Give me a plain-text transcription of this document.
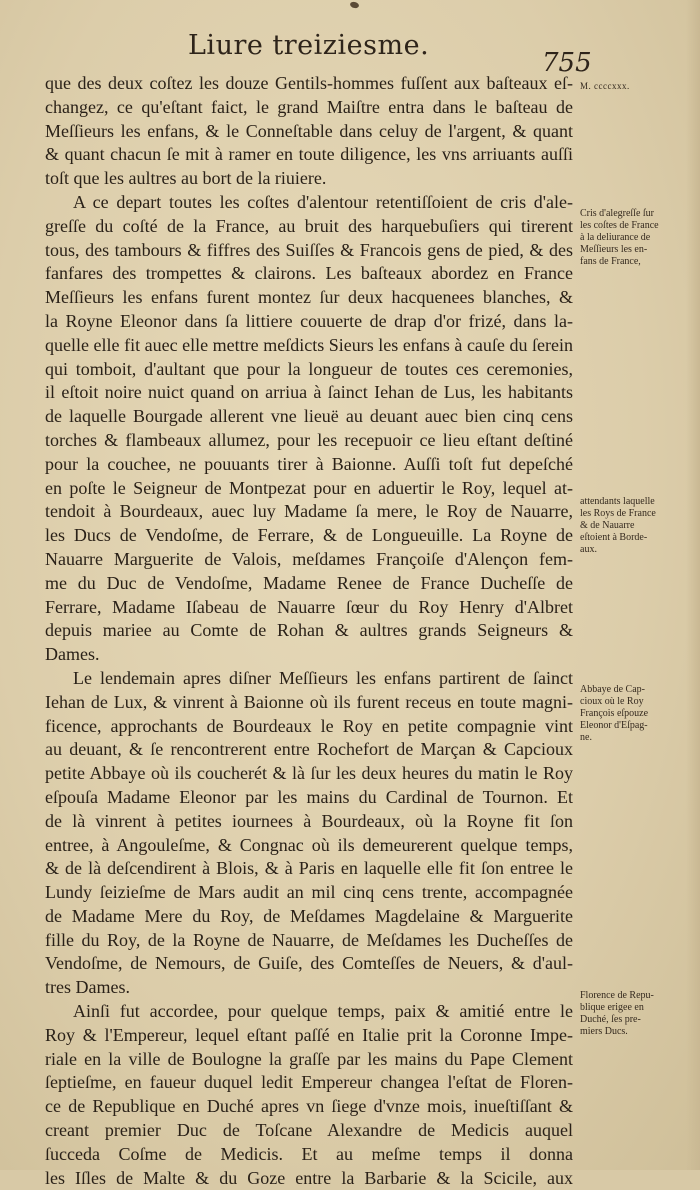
Liure treiziesme.
755
M. ccccxxx.
Cris d'alegreſſe ſur
les coſtes de France
à la deliurance de
Meſſieurs les en-
fans de France,
attendants laquelle
les Roys de France
& de Nauarre
eſtoient à Borde-
aux.
Abbaye de Cap-
cioux où le Roy
François eſpouze
Eleonor d'Eſpag-
ne.
Florence de Repu-
blique erigee en
Duché, ſes pre-
miers Ducs.
que des deux coſtez les douze Gentils-hommes fuſſent aux baſteaux eſ-
changez, ce qu'eſtant faict, le grand Maiſtre entra dans le baſteau de
Meſſieurs les enfans, & le Conneſtable dans celuy de l'argent, & quant
& quant chacun ſe mit à ramer en toute diligence, les vns arriuants auſſi
toſt que les aultres au bort de la riuiere.
A ce depart toutes les coſtes d'alentour retentiſſoient de cris d'ale-
greſſe du coſté de la France, au bruit des harquebuſiers qui tirerent
tous, des tambours & fiffres des Suiſſes & Francois gens de pied, & des
fanfares des trompettes & clairons. Les baſteaux abordez en France
Meſſieurs les enfans furent montez ſur deux hacquenees blanches, &
la Royne Eleonor dans ſa littiere couuerte de drap d'or frizé, dans la-
quelle elle fit auec elle mettre meſdicts Sieurs les enfans à cauſe du ſerein
qui tomboit, d'aultant que pour la longueur de toutes ces ceremonies,
il eſtoit noire nuict quand on arriua à ſainct Iehan de Lus, les habitants
de laquelle Bourgade allerent vne lieuë au deuant auec bien cinq cens
torches & flambeaux allumez, pour les recepuoir ce lieu eſtant deſtiné
pour la couchee, ne pouuants tirer à Baionne. Auſſi toſt fut depeſché
en poſte le Seigneur de Montpezat pour en aduertir le Roy, lequel at-
tendoit à Bourdeaux, auec luy Madame ſa mere, le Roy de Nauarre,
les Ducs de Vendoſme, de Ferrare, & de Longueuille. La Royne de
Nauarre Marguerite de Valois, meſdames Françoiſe d'Alençon fem-
me du Duc de Vendoſme, Madame Renee de France Ducheſſe de
Ferrare, Madame Iſabeau de Nauarre ſœur du Roy Henry d'Albret
depuis mariee au Comte de Rohan & aultres grands Seigneurs &
Dames.
Le lendemain apres diſner Meſſieurs les enfans partirent de ſainct
Iehan de Lux, & vinrent à Baionne où ils furent receus en toute magni-
ficence, approchants de Bourdeaux le Roy en petite compagnie vint
au deuant, & ſe rencontrerent entre Rochefort de Marçan & Capcioux
petite Abbaye où ils coucherét & là ſur les deux heures du matin le Roy
eſpouſa Madame Eleonor par les mains du Cardinal de Tournon. Et
de là vinrent à petites iournees à Bourdeaux, où la Royne fit ſon
entree, à Angouleſme, & Congnac où ils demeurerent quelque temps,
& de là deſcendirent à Blois, & à Paris en laquelle elle fit ſon entree le
Lundy ſeizieſme de Mars audit an mil cinq cens trente, accompagnée
de Madame Mere du Roy, de Meſdames Magdelaine & Marguerite
fille du Roy, de la Royne de Nauarre, de Meſdames les Ducheſſes de
Vendoſme, de Nemours, de Guiſe, des Comteſſes de Neuers, & d'aul-
tres Dames.
Ainſi fut accordee, pour quelque temps, paix & amitié entre le
Roy & l'Empereur, lequel eſtant paſſé en Italie prit la Coronne Impe-
riale en la ville de Boulogne la graſſe par les mains du Pape Clement
ſeptieſme, en faueur duquel ledit Empereur changea l'eſtat de Floren-
ce de Republique en Duché apres vn ſiege d'vnze mois, inueſtiſſant &
creant premier Duc de Toſcane Alexandre de Medicis auquel
ſucceda Coſme de Medicis. Et au meſme temps il donna
les Iſles de Malte & du Goze entre la Barbarie & la Scicile, aux
